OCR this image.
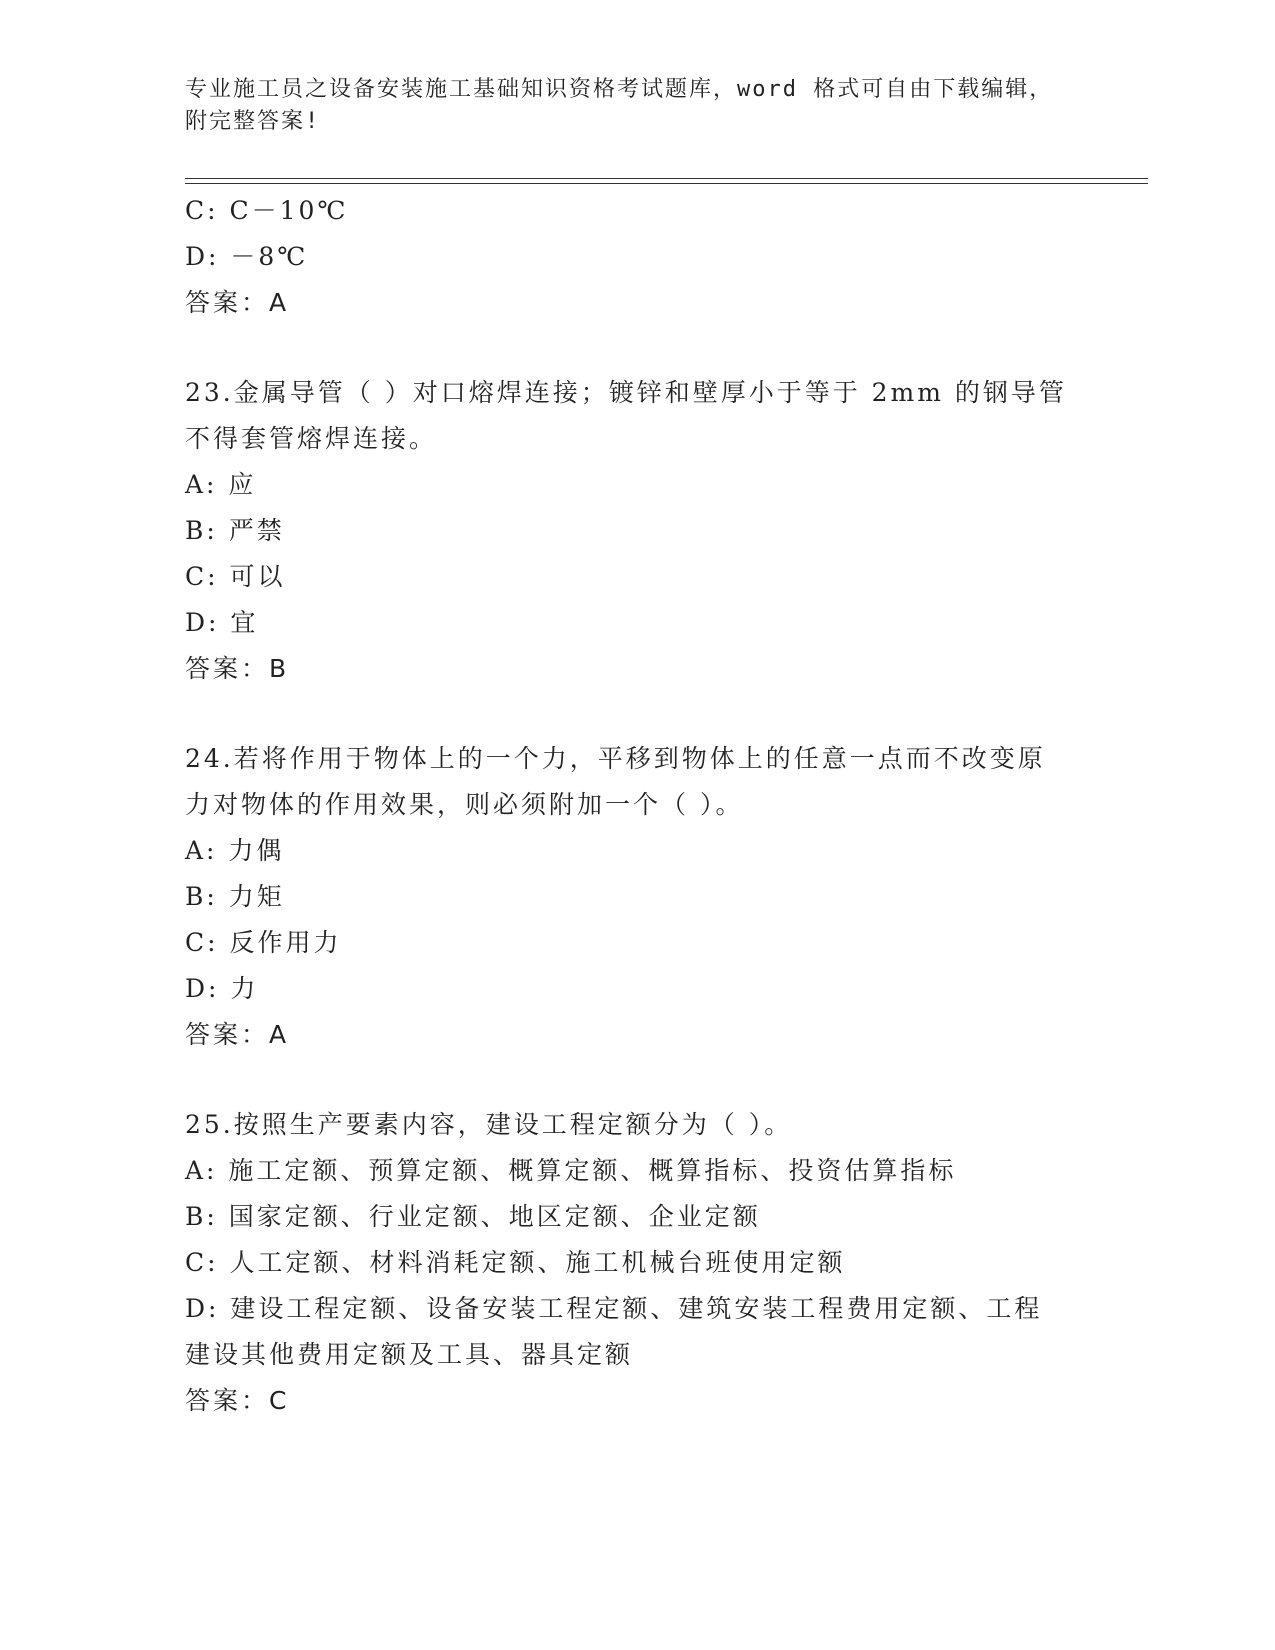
专业施工员之设备安装施工基础知识资格考试题库，word 格式可自由下载编辑，
附完整答案!
C: C－10℃
D: －8℃
答案：A
23.金属导管（ ）对口熔焊连接；镀锌和壁厚小于等于 2mm 的钢导管
不得套管熔焊连接。
A: 应
B: 严禁
C: 可以
D: 宜
答案：B
24.若将作用于物体上的一个力，平移到物体上的任意一点而不改变原
力对物体的作用效果，则必须附加一个（ ）。
A: 力偶
B: 力矩
C: 反作用力
D: 力
答案：A
25.按照生产要素内容，建设工程定额分为（ ）。
A: 施工定额、预算定额、概算定额、概算指标、投资估算指标
B: 国家定额、行业定额、地区定额、企业定额
C: 人工定额、材料消耗定额、施工机械台班使用定额
D: 建设工程定额、设备安装工程定额、建筑安装工程费用定额、工程
建设其他费用定额及工具、器具定额
答案：C
